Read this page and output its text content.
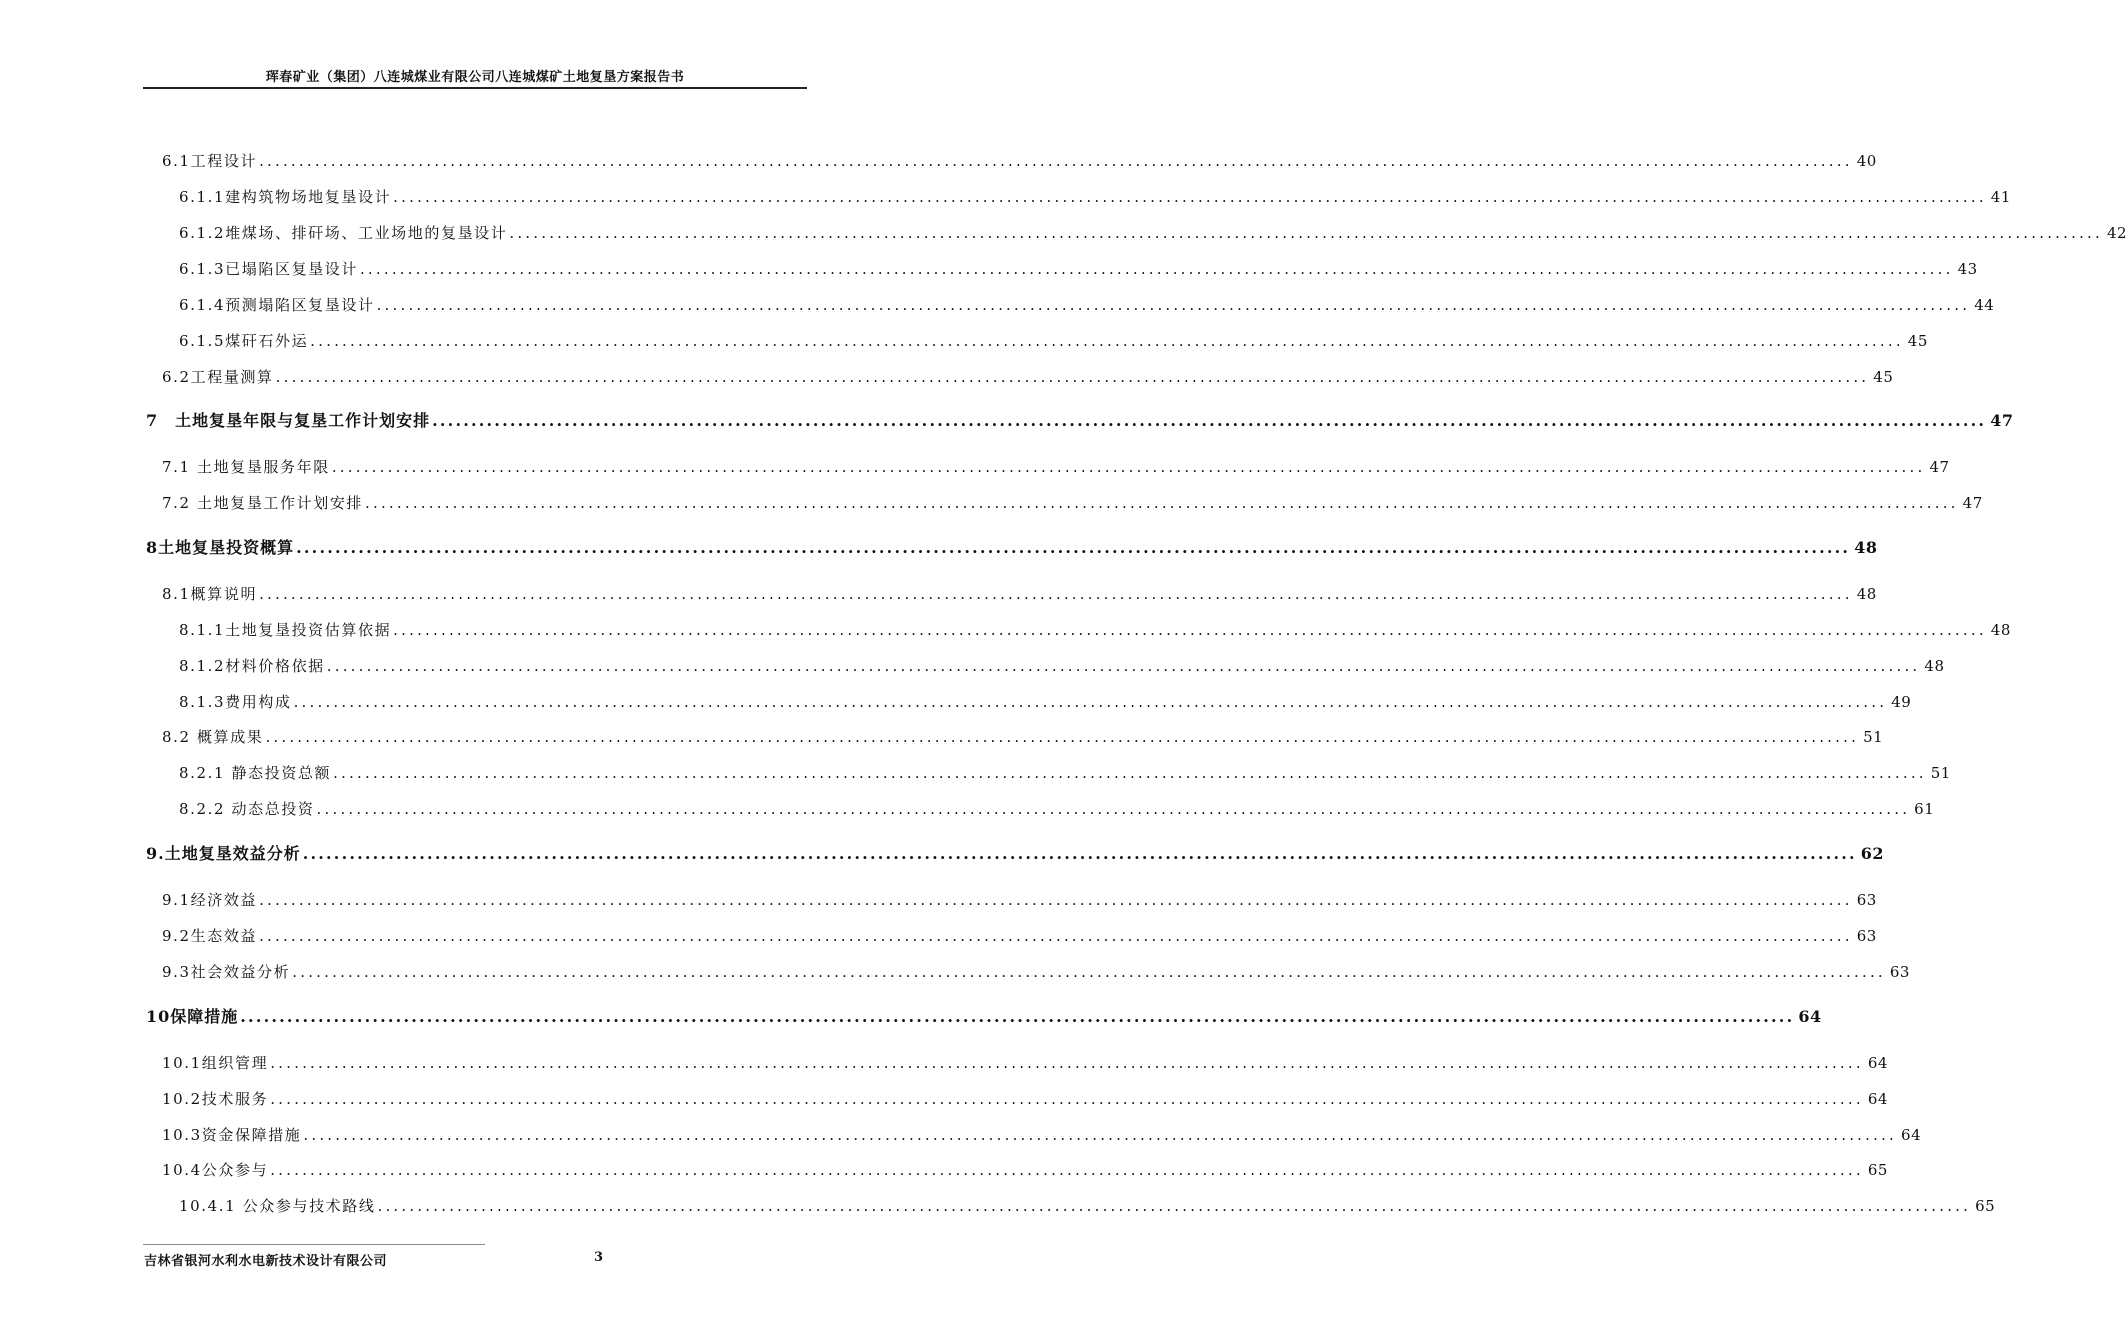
珲春矿业（集团）八连城煤业有限公司八连城煤矿土地复垦方案报告书
6.1工程设计 ........................................................................................................................................................................................................ 40
6.1.1建构筑物场地复垦设计 ........................................................................................................................................................................................................ 41
6.1.2堆煤场、排矸场、工业场地的复垦设计 ........................................................................................................................................................................................................ 42
6.1.3已塌陷区复垦设计 ........................................................................................................................................................................................................ 43
6.1.4预测塌陷区复垦设计 ........................................................................................................................................................................................................ 44
6.1.5煤矸石外运 ........................................................................................................................................................................................................ 45
6.2工程量测算 ........................................................................................................................................................................................................ 45
7　土地复垦年限与复垦工作计划安排 ........................................................................................................................................................................................................ 47
7.1 土地复垦服务年限 ........................................................................................................................................................................................................ 47
7.2 土地复垦工作计划安排 ........................................................................................................................................................................................................ 47
8土地复垦投资概算 ........................................................................................................................................................................................................ 48
8.1概算说明 ........................................................................................................................................................................................................ 48
8.1.1土地复垦投资估算依据 ........................................................................................................................................................................................................ 48
8.1.2材料价格依据 ........................................................................................................................................................................................................ 48
8.1.3费用构成 ........................................................................................................................................................................................................ 49
8.2 概算成果 ........................................................................................................................................................................................................ 51
8.2.1 静态投资总额 ........................................................................................................................................................................................................ 51
8.2.2 动态总投资 ........................................................................................................................................................................................................ 61
9.土地复垦效益分析 ........................................................................................................................................................................................................ 62
9.1经济效益 ........................................................................................................................................................................................................ 63
9.2生态效益 ........................................................................................................................................................................................................ 63
9.3社会效益分析 ........................................................................................................................................................................................................ 63
10保障措施 ........................................................................................................................................................................................................ 64
10.1组织管理 ........................................................................................................................................................................................................ 64
10.2技术服务 ........................................................................................................................................................................................................ 64
10.3资金保障措施 ........................................................................................................................................................................................................ 64
10.4公众参与 ........................................................................................................................................................................................................ 65
10.4.1 公众参与技术路线 ........................................................................................................................................................................................................ 65
吉林省银河水利水电新技术设计有限公司	3
